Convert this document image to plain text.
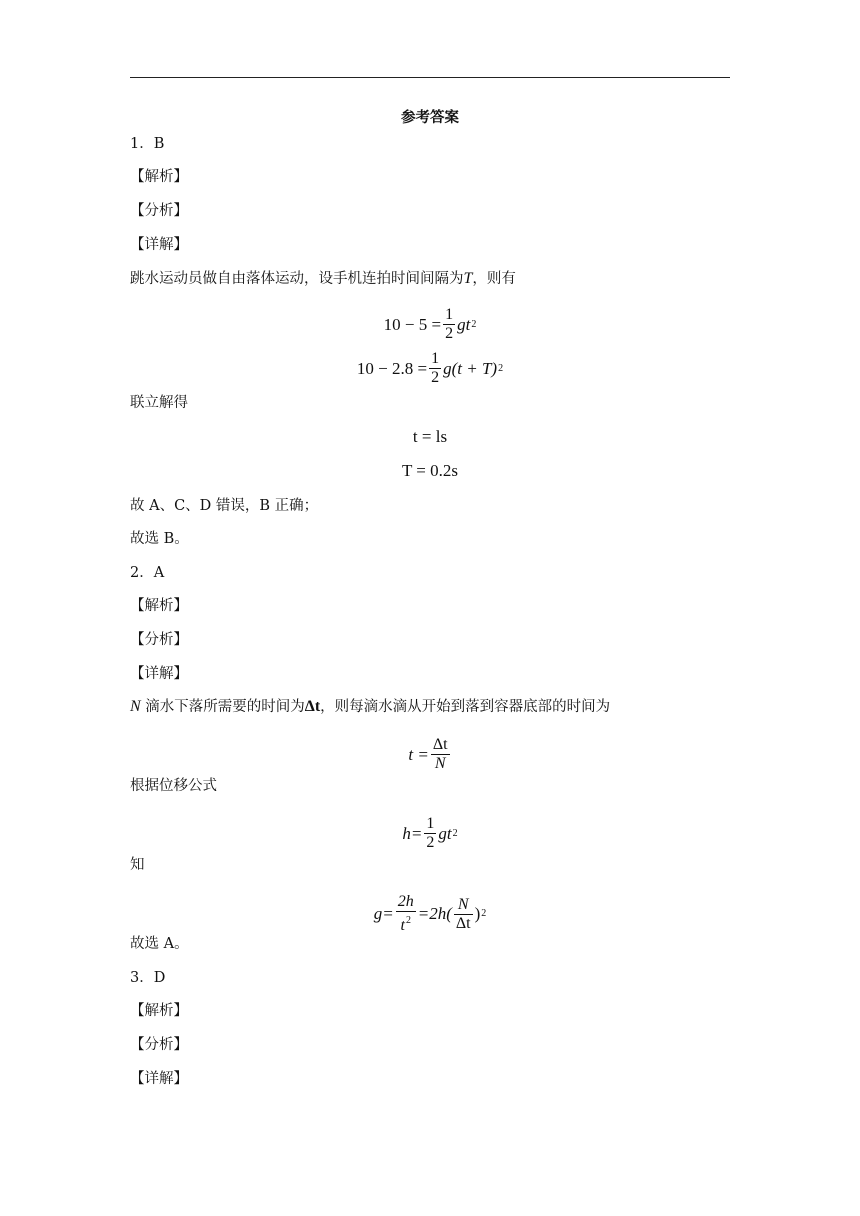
参考答案
1．B
【解析】
【分析】
【详解】
跳水运动员做自由落体运动，设手机连拍时间间隔为T，则有
$10 - 5 = \frac{1}{2}$ gt 2
$10 - 2.8 = \frac{1}{2} g(t + T)$ 2
联立解得
t = ls
T = 0.2s
故 A、C、D 错误，B 正确；
故选 B。
2．A
【解析】
【分析】
【详解】
N 滴水下落所需要的时间为Δt，则每滴水滴从开始到落到容器底部的时间为
$t = \frac{\Delta t}{N}$
根据位移公式
$h= \frac{1}{2}$ gt 2
知
$g= \frac{2h}{t^2} =2h( \frac{N}{\Delta t}$ ) 2
故选 A。
3．D
【解析】
【分析】
【详解】
